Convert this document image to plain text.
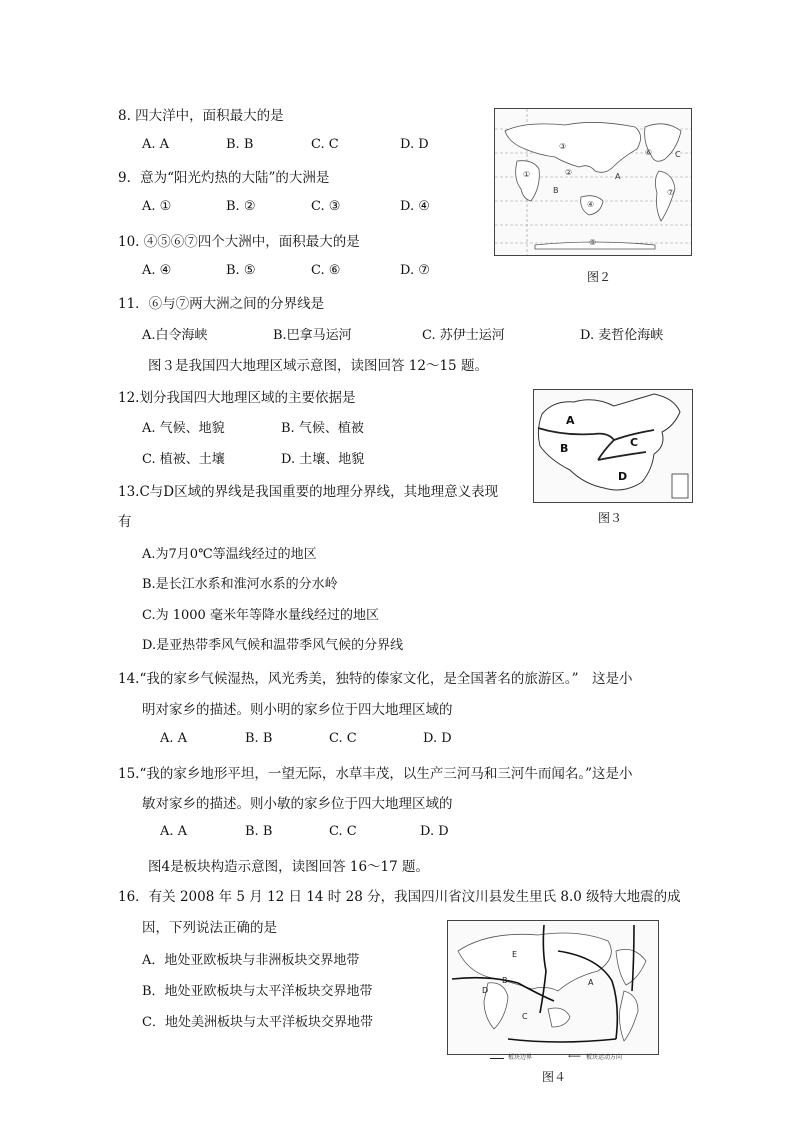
8. 四大洋中，面积最大的是
A. A	B. B	C. C	D. D
9．意为“阳光灼热的大陆”的大洲是
A. ①	B. ②	C. ③	D. ④
10. ④⑤⑥⑦四个大洲中，面积最大的是
A. ④	B. ⑤	C. ⑥	D. ⑦
③
⑥
①	②	A
B
C
④
⑦
⑤
图２
11．⑥与⑦两大洲之间的分界线是
A.白令海峡	B.巴拿马运河	C. 苏伊士运河	D. 麦哲伦海峡
图３是我国四大地理区域示意图，读图回答 12～15 题。
12.划分我国四大地理区域的主要依据是
A. 气候、地貌	B. 气候、植被
C. 植被、土壤	D. 土壤、地貌
A
B	C
D
图３
13.C与D区域的界线是我国重要的地理分界线，其地理意义表现
有
A.为7月0℃等温线经过的地区
B.是长江水系和淮河水系的分水岭
C.为 1000 毫米年等降水量线经过的地区
D.是亚热带季风气候和温带季风气候的分界线
14.“我的家乡气候湿热，风光秀美，独特的傣家文化，是全国著名的旅游区。”　这是小
明对家乡的描述。则小明的家乡位于四大地理区域的
A. A	B. B	C. C	D. D
15.“我的家乡地形平坦，一望无际，水草丰茂，以生产三河马和三河牛而闻名。”这是小
敏对家乡的描述。则小敏的家乡位于四大地理区域的
A. A	B. B	C. C	D. D
图4是板块构造示意图，读图回答 16～17 题。
16．有关 2008 年 5 月 12 日 14 时 28 分，我国四川省汶川县发生里氏 8.0 级特大地震的成
因，下列说法正确的是
A．地处亚欧板块与非洲板块交界地带
B．地处亚欧板块与太平洋板块交界地带
C．地处美洲板块与太平洋板块交界地带
E
D
B
C
A
板块边界	⟵ 板块运动方向
图４
